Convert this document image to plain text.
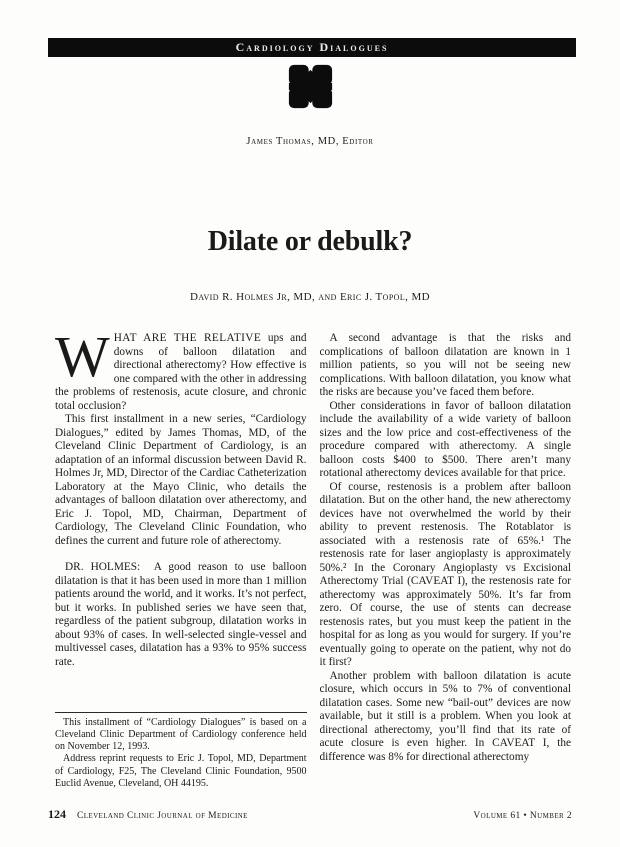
Cardiology Dialogues
James Thomas, MD, Editor
Dilate or debulk?
David R. Holmes Jr, MD, and Eric J. Topol, MD

W HAT ARE THE RELATIVE ups and downs of balloon dilatation and directional atherectomy? How effective is one compared with the other in addressing the problems of restenosis, acute closure, and chronic total occlusion?

This first installment in a new series, “Cardiology Dialogues,” edited by James Thomas, MD, of the Cleveland Clinic Department of Cardiology, is an adaptation of an informal discussion between David R. Holmes Jr, MD, Director of the Cardiac Catheterization Laboratory at the Mayo Clinic, who details the advantages of balloon dilatation over atherectomy, and Eric J. Topol, MD, Chairman, Department of Cardiology, The Cleveland Clinic Foundation, who defines the current and future role of atherectomy.

DR. HOLMES:  A good reason to use balloon dilatation is that it has been used in more than 1 million patients around the world, and it works. It’s not perfect, but it works. In published series we have seen that, regardless of the patient subgroup, dilatation works in about 93% of cases. In well-selected single-vessel and multivessel cases, dilatation has a 93% to 95% success rate.

This installment of “Cardiology Dialogues” is based on a Cleveland Clinic Department of Cardiology conference held on November 12, 1993.

Address reprint requests to Eric J. Topol, MD, Department of Cardiology, F25, The Cleveland Clinic Foundation, 9500 Euclid Avenue, Cleveland, OH 44195.

A second advantage is that the risks and complications of balloon dilatation are known in 1 million patients, so you will not be seeing new complications. With balloon dilatation, you know what the risks are because you’ve faced them before.

Other considerations in favor of balloon dilatation include the availability of a wide variety of balloon sizes and the low price and cost-effectiveness of the procedure compared with atherectomy. A single balloon costs $400 to $500. There aren’t many rotational atherectomy devices available for that price.

Of course, restenosis is a problem after balloon dilatation. But on the other hand, the new atherectomy devices have not overwhelmed the world by their ability to prevent restenosis. The Rotablator is associated with a restenosis rate of 65%.¹ The restenosis rate for laser angioplasty is approximately 50%.² In the Coronary Angioplasty vs Excisional Atherectomy Trial (CAVEAT I), the restenosis rate for atherectomy was approximately 50%. It’s far from zero. Of course, the use of stents can decrease restenosis rates, but you must keep the patient in the hospital for as long as you would for surgery. If you’re eventually going to operate on the patient, why not do it first?

Another problem with balloon dilatation is acute closure, which occurs in 5% to 7% of conventional dilatation cases. Some new “bail-out” devices are now available, but it still is a problem. When you look at directional atherectomy, you’ll find that its rate of acute closure is even higher. In CAVEAT I, the difference was 8% for directional atherectomy

124 Cleveland Clinic Journal of Medicine	Volume 61 • Number 2
